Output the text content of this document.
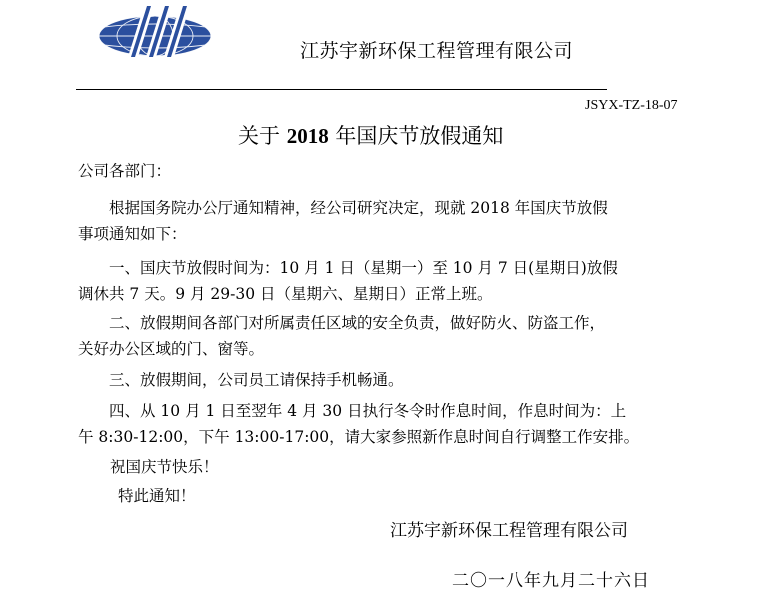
江苏宇新环保工程管理有限公司
JSYX-TZ-18-07
关于 2018 年国庆节放假通知
公司各部门：
根据国务院办公厅通知精神，经公司研究决定，现就 2018 年国庆节放假
事项通知如下：
一、国庆节放假时间为：10 月 1 日（星期一）至 10 月 7 日(星期日)放假
调休共 7 天。9 月 29-30 日（星期六、星期日）正常上班。
二、放假期间各部门对所属责任区域的安全负责，做好防火、防盗工作，
关好办公区域的门、窗等。
三、放假期间，公司员工请保持手机畅通。
四、从 10 月 1 日至翌年 4 月 30 日执行冬令时作息时间，作息时间为：上
午 8:30-12:00，下午 13:00-17:00，请大家参照新作息时间自行调整工作安排。
祝国庆节快乐！
特此通知！
江苏宇新环保工程管理有限公司
二〇一八年九月二十六日
